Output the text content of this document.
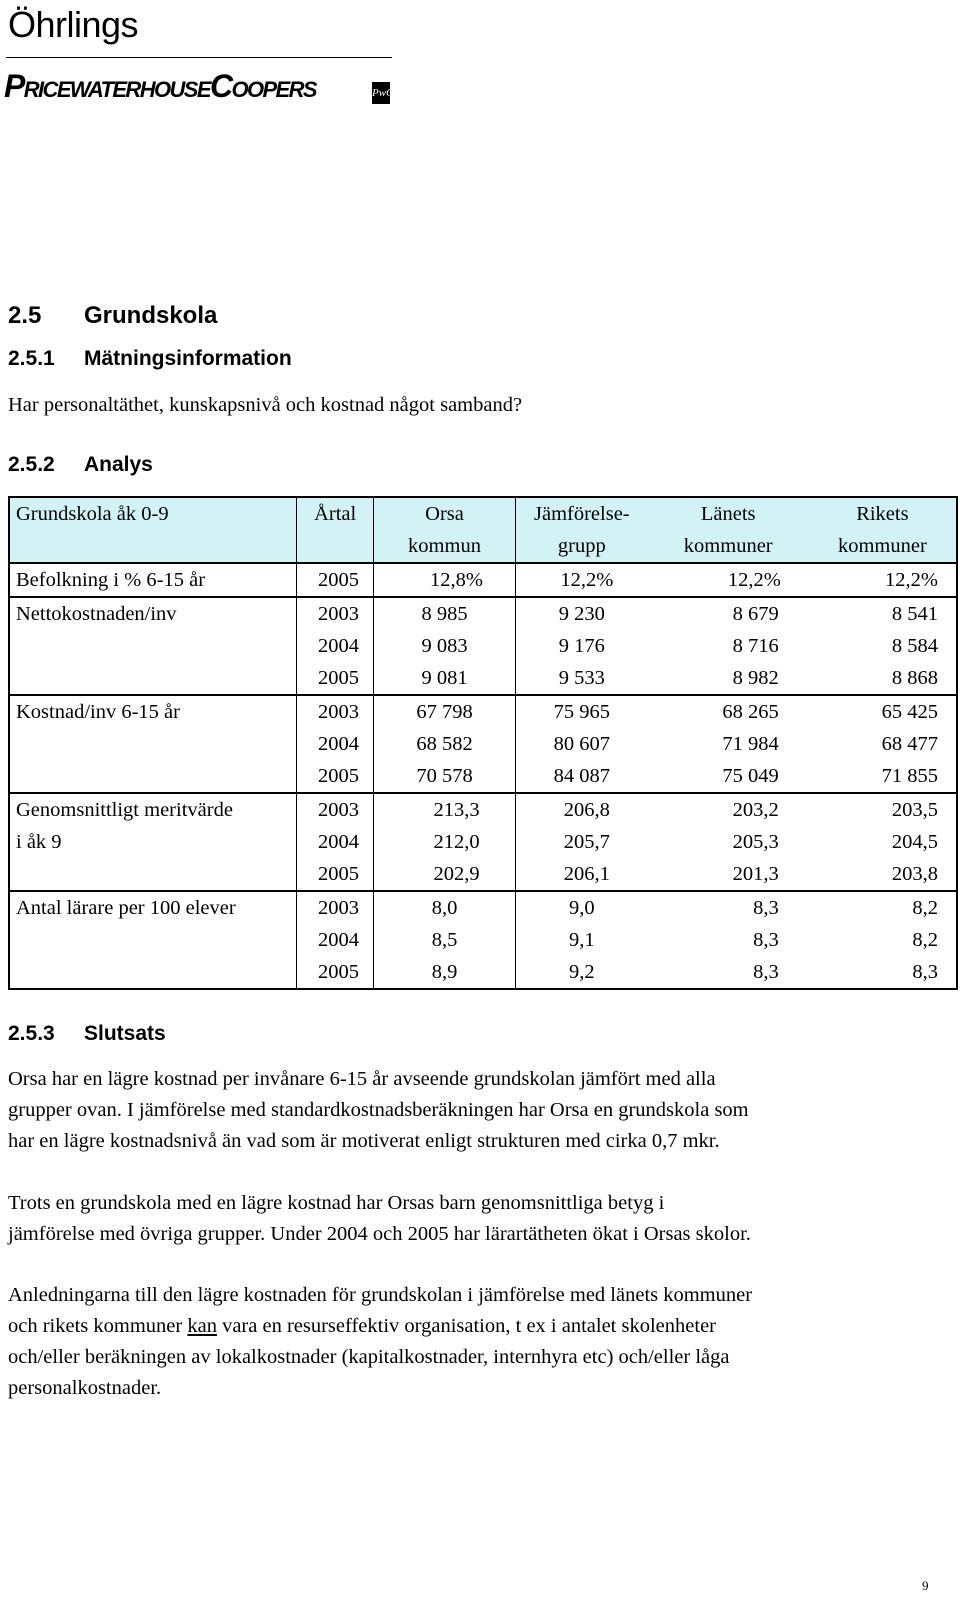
Öhrlings
PricewaterhouseCoopers	PwC
2.5 Grundskola
2.5.1 Mätningsinformation
Har personaltäthet, kunskapsnivå och kostnad något samband?
2.5.2 Analys
Grundskola åk 0-9	Årtal	Orsa	Jämförelse-	Länets	Rikets
		kommun	grupp	kommuner	kommuner
Befolkning i % 6-15 år	2005	12,8%	12,2%	12,2%	12,2%
Nettokostnaden/inv	2003	8 985	9 230	8 679	8 541
	2004	9 083	9 176	8 716	8 584
	2005	9 081	9 533	8 982	8 868
Kostnad/inv 6-15 år	2003	67 798	75 965	68 265	65 425
	2004	68 582	80 607	71 984	68 477
	2005	70 578	84 087	75 049	71 855
Genomsnittligt meritvärde	2003	213,3	206,8	203,2	203,5
i åk 9	2004	212,0	205,7	205,3	204,5
	2005	202,9	206,1	201,3	203,8
Antal lärare per 100 elever	2003	8,0	9,0	8,3	8,2
	2004	8,5	9,1	8,3	8,2
	2005	8,9	9,2	8,3	8,3
2.5.3 Slutsats
Orsa har en lägre kostnad per invånare 6-15 år avseende grundskolan jämfört med alla
grupper ovan. I jämförelse med standardkostnadsberäkningen har Orsa en grundskola som
har en lägre kostnadsnivå än vad som är motiverat enligt strukturen med cirka 0,7 mkr.
Trots en grundskola med en lägre kostnad har Orsas barn genomsnittliga betyg i
jämförelse med övriga grupper. Under 2004 och 2005 har lärartätheten ökat i Orsas skolor.
Anledningarna till den lägre kostnaden för grundskolan i jämförelse med länets kommuner
och rikets kommuner kan vara en resurseffektiv organisation, t ex i antalet skolenheter
och/eller beräkningen av lokalkostnader (kapitalkostnader, internhyra etc) och/eller låga
personalkostnader.
9
